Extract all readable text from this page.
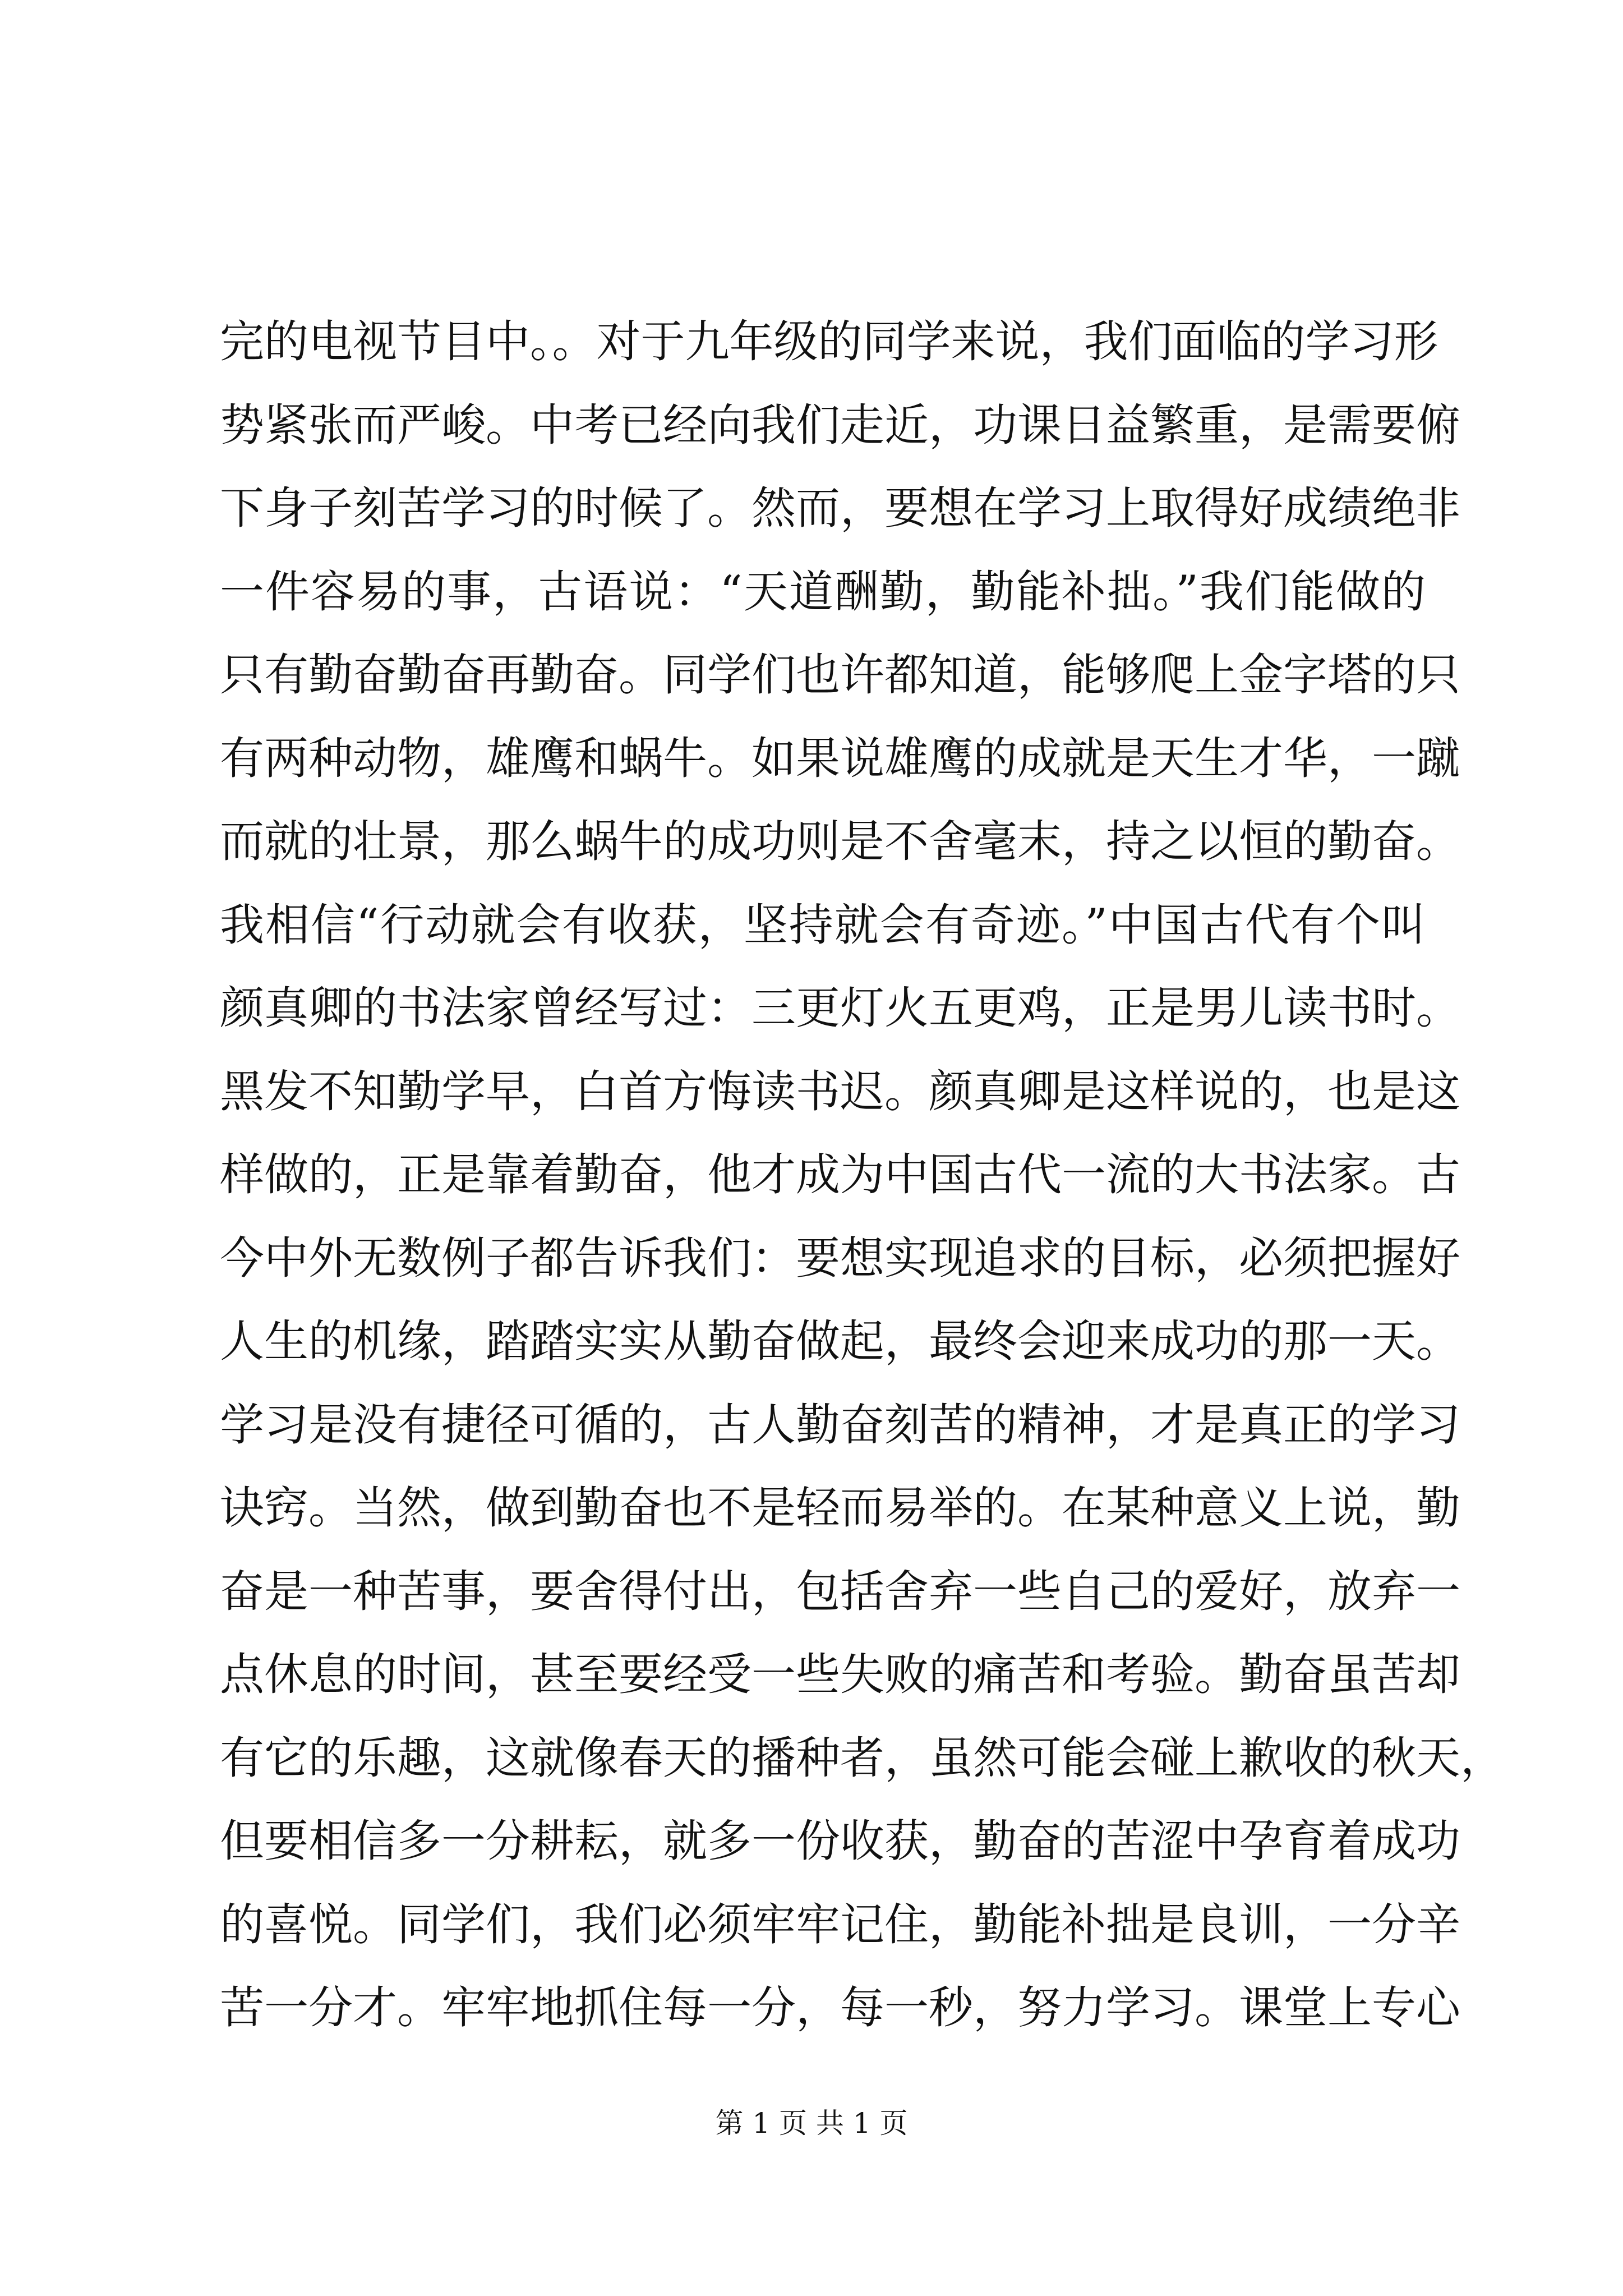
完的电视节目中。。对于九年级的同学来说，我们面临的学习形
势紧张而严峻。中考已经向我们走近，功课日益繁重，是需要俯
下身子刻苦学习的时候了。然而，要想在学习上取得好成绩绝非
一件容易的事，古语说：“天道酬勤，勤能补拙。”我们能做的
只有勤奋勤奋再勤奋。同学们也许都知道，能够爬上金字塔的只
有两种动物，雄鹰和蜗牛。如果说雄鹰的成就是天生才华，一蹴
而就的壮景，那么蜗牛的成功则是不舍毫末，持之以恒的勤奋。
我相信“行动就会有收获，坚持就会有奇迹。”中国古代有个叫
颜真卿的书法家曾经写过：三更灯火五更鸡，正是男儿读书时。
黑发不知勤学早，白首方悔读书迟。颜真卿是这样说的，也是这
样做的，正是靠着勤奋，他才成为中国古代一流的大书法家。古
今中外无数例子都告诉我们：要想实现追求的目标，必须把握好
人生的机缘，踏踏实实从勤奋做起，最终会迎来成功的那一天。
学习是没有捷径可循的，古人勤奋刻苦的精神，才是真正的学习
诀窍。当然，做到勤奋也不是轻而易举的。在某种意义上说，勤
奋是一种苦事，要舍得付出，包括舍弃一些自己的爱好，放弃一
点休息的时间，甚至要经受一些失败的痛苦和考验。勤奋虽苦却
有它的乐趣，这就像春天的播种者，虽然可能会碰上歉收的秋天，
但要相信多一分耕耘，就多一份收获，勤奋的苦涩中孕育着成功
的喜悦。同学们，我们必须牢牢记住，勤能补拙是良训，一分辛
苦一分才。牢牢地抓住每一分，每一秒，努力学习。课堂上专心
第 1 页 共 1 页
